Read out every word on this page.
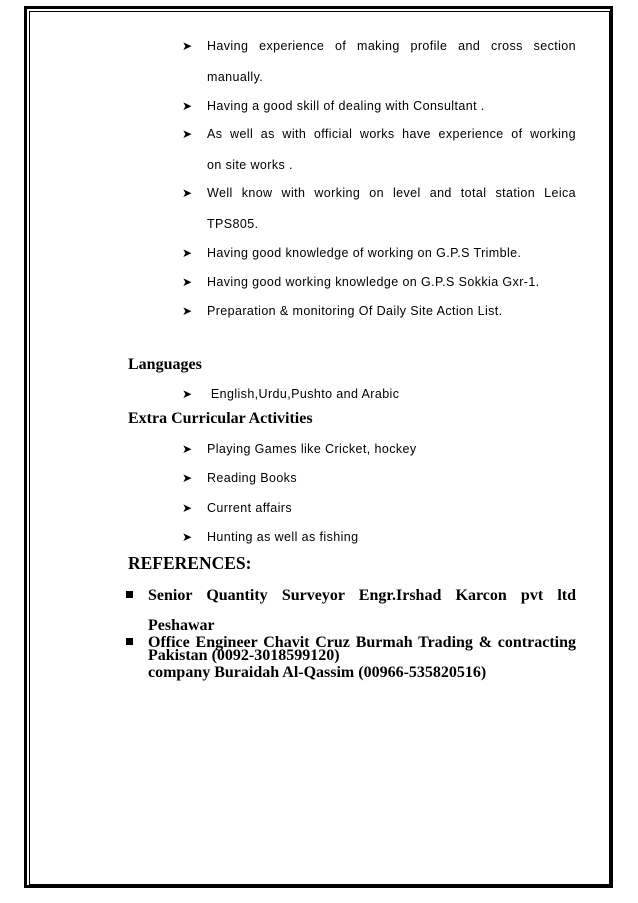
➤ Having experience of making profile and cross section
manually.
➤ Having a good skill of dealing with Consultant .
➤ As well as with official works have experience of working
on site works .
➤ Well know with working on level and total station Leica
TPS805.
➤ Having good knowledge of working on G.P.S Trimble.
➤ Having good working knowledge on G.P.S Sokkia Gxr-1.
➤ Preparation & monitoring Of Daily Site Action List.
Languages
➤ English,Urdu,Pushto and Arabic
Extra Curricular Activities
➤ Playing Games like Cricket, hockey
➤ Reading Books
➤ Current affairs
➤ Hunting as well as fishing
REFERENCES:
Senior Quantity Surveyor Engr.Irshad Karcon pvt ltd Peshawar
Pakistan (0092-3018599120)
Office Engineer Chavit Cruz Burmah Trading & contracting
company Buraidah Al-Qassim (00966-535820516)
